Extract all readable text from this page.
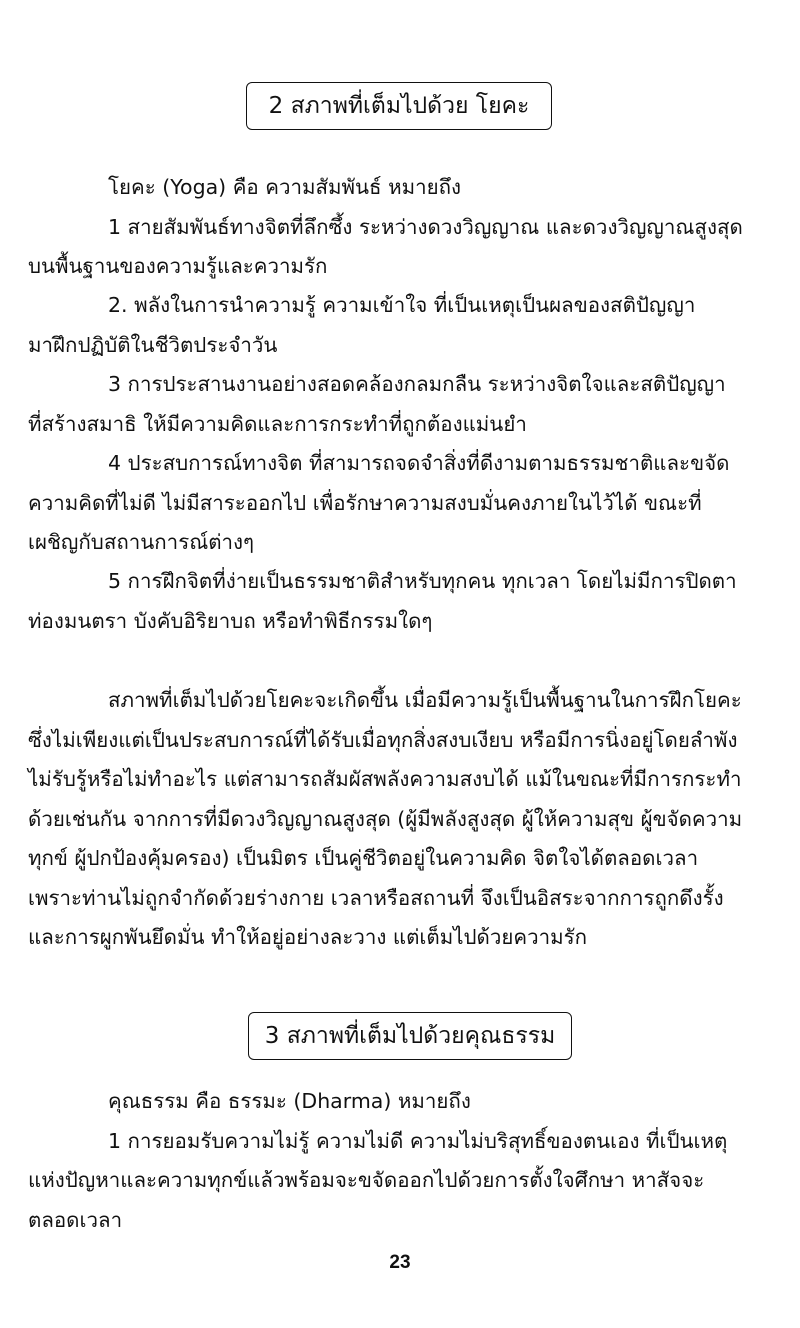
2 สภาพที่เต็มไปด้วย โยคะ
โยคะ (Yoga) คือ ความสัมพันธ์ หมายถึง
1 สายสัมพันธ์ทางจิตที่ลึกซึ้ง ระหว่างดวงวิญญาณ และดวงวิญญาณสูงสุด
บนพื้นฐานของความรู้และความรัก
2. พลังในการนำความรู้ ความเข้าใจ ที่เป็นเหตุเป็นผลของสติปัญญา
มาฝึกปฏิบัติในชีวิตประจำวัน
3 การประสานงานอย่างสอดคล้องกลมกลืน ระหว่างจิตใจและสติปัญญา
ที่สร้างสมาธิ ให้มีความคิดและการกระทำที่ถูกต้องแม่นยำ
4 ประสบการณ์ทางจิต ที่สามารถจดจำสิ่งที่ดีงามตามธรรมชาติและขจัด
ความคิดที่ไม่ดี ไม่มีสาระออกไป เพื่อรักษาความสงบมั่นคงภายในไว้ได้ ขณะที่
เผชิญกับสถานการณ์ต่างๆ
5 การฝึกจิตที่ง่ายเป็นธรรมชาติสำหรับทุกคน ทุกเวลา โดยไม่มีการปิดตา
ท่องมนตรา บังคับอิริยาบถ หรือทำพิธีกรรมใดๆ
สภาพที่เต็มไปด้วยโยคะจะเกิดขึ้น เมื่อมีความรู้เป็นพื้นฐานในการฝึกโยคะ
ซึ่งไม่เพียงแต่เป็นประสบการณ์ที่ได้รับเมื่อทุกสิ่งสงบเงียบ หรือมีการนิ่งอยู่โดยลำพัง
ไม่รับรู้หรือไม่ทำอะไร แต่สามารถสัมผัสพลังความสงบได้ แม้ในขณะที่มีการกระทำ
ด้วยเช่นกัน จากการที่มีดวงวิญญาณสูงสุด (ผู้มีพลังสูงสุด ผู้ให้ความสุข ผู้ขจัดความ
ทุกข์ ผู้ปกป้องคุ้มครอง) เป็นมิตร เป็นคู่ชีวิตอยู่ในความคิด จิตใจได้ตลอดเวลา
เพราะท่านไม่ถูกจำกัดด้วยร่างกาย เวลาหรือสถานที่ จึงเป็นอิสระจากการถูกดึงรั้ง
และการผูกพันยึดมั่น ทำให้อยู่อย่างละวาง แต่เต็มไปด้วยความรัก
3 สภาพที่เต็มไปด้วยคุณธรรม
คุณธรรม คือ ธรรมะ (Dharma) หมายถึง
1 การยอมรับความไม่รู้ ความไม่ดี ความไม่บริสุทธิ์ของตนเอง ที่เป็นเหตุ
แห่งปัญหาและความทุกข์แล้วพร้อมจะขจัดออกไปด้วยการตั้งใจศึกษา หาสัจจะ
ตลอดเวลา
23
